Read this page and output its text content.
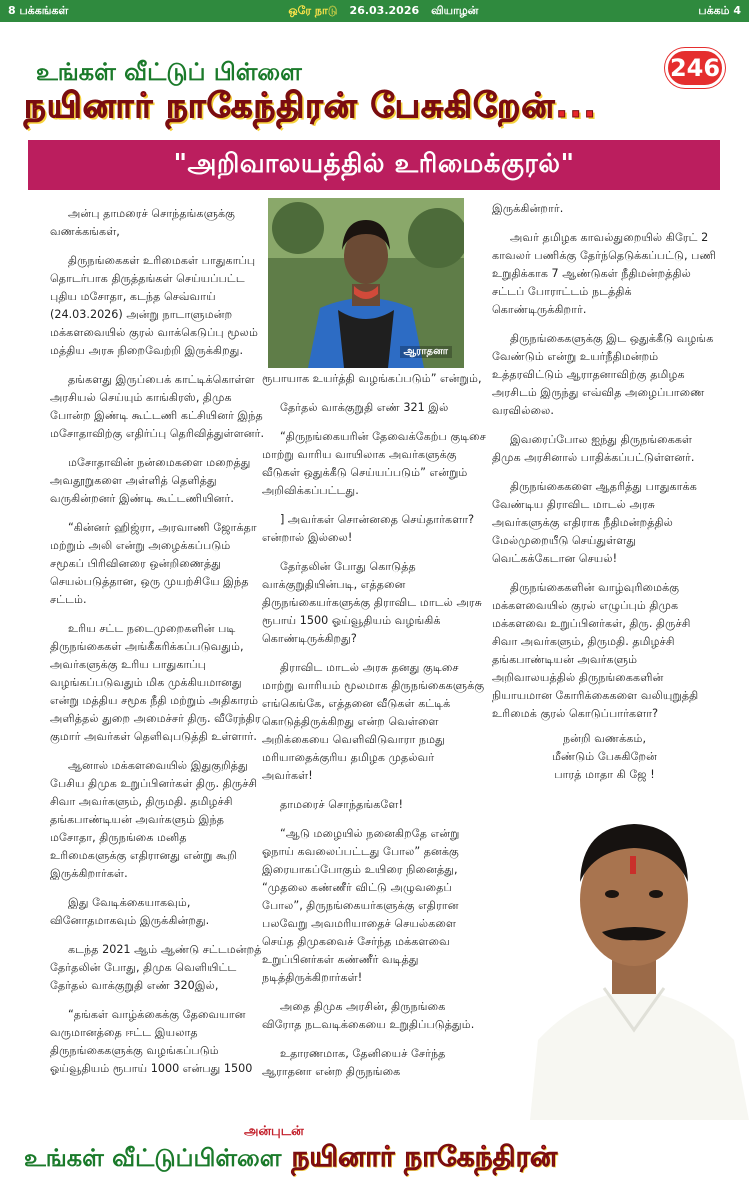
8 பக்கங்கள்	ஒரே நாடு 26.03.2026 வியாழன்	பக்கம் 4
உங்கள் வீட்டுப் பிள்ளை	246
நயினார் நாகேந்திரன் பேசுகிறேன்...
"அறிவாலயத்தில் உரிமைக்குரல்"

அன்பு தாமரைச் சொந்தங்களுக்கு வணக்கங்கள்,

திருநங்கைகள் உரிமைகள் பாதுகாப்பு தொடர்பாக திருத்தங்கள் செய்யப்பட்ட புதிய மசோதா, கடந்த செவ்வாய் (24.03.2026) அன்று நாடாளுமன்ற மக்களவையில் குரல் வாக்கெடுப்பு மூலம் மத்திய அரசு நிறைவேற்றி இருக்கிறது.

தங்களது இருப்பைக் காட்டிக்கொள்ள அரசியல் செய்யும் காங்கிரஸ், திமுக போன்ற இண்டி கூட்டணி கட்சியினர் இந்த மசோதாவிற்கு எதிர்ப்பு தெரிவித்துள்ளனர்.

மசோதாவின் நன்மைகளை மறைத்து அவதூறுகளை அள்ளித் தெளித்து வருகின்றனர் இண்டி கூட்டணியினர்.

“கின்னர் ஹிஜ்ரா, அரவாணி ஜோக்தா மற்றும் அலி என்று அழைக்கப்படும் சமூகப் பிரிவினரை ஒன்றிணைத்து செயல்படுத்தான, ஒரு முயற்சியே இந்த சட்டம்.

உரிய சட்ட நடைமுறைகளின் படி திருநங்கைகள் அங்கீகரிக்கப்படுவதும், அவர்களுக்கு உரிய பாதுகாப்பு வழங்கப்படுவதும் மிக முக்கியமானது என்று மத்திய சமூக நீதி மற்றும் அதிகாரம் அளித்தல் துறை அமைச்சர் திரு. வீரேந்திர குமார் அவர்கள் தெளிவுபடுத்தி உள்ளார்.

ஆனால் மக்களவையில் இதுகுறித்து பேசிய திமுக உறுப்பினர்கள் திரு. திருச்சி சிவா அவர்களும், திருமதி. தமிழச்சி தங்கபாண்டியன் அவர்களும் இந்த மசோதா, திருநங்கை மனித உரிமைகளுக்கு எதிரானது என்று கூறி இருக்கிறார்கள்.

இது வேடிக்கையாகவும், வினோதமாகவும் இருக்கின்றது.

கடந்த 2021 ஆம் ஆண்டு சட்டமன்றத் தேர்தலின் போது, திமுக வெளியிட்ட தேர்தல் வாக்குறுதி எண் 320இல்,

“தங்கள் வாழ்க்கைக்கு தேவையான வருமானத்தை ஈட்ட இயலாத திருநங்கைகளுக்கு வழங்கப்படும் ஓய்வூதியம் ரூபாய் 1000 என்பது 1500

ஆராதனா

ரூபாயாக உயர்த்தி வழங்கப்படும்” என்றும்,

தேர்தல் வாக்குறுதி எண் 321 இல்

“திருநங்கையரின் தேவைக்கேற்ப குடிசை மாற்று வாரிய வாயிலாக அவர்களுக்கு வீடுகள் ஒதுக்கீடு செய்யப்படும்” என்றும் அறிவிக்கப்பட்டது.

] அவர்கள் சொன்னதை செய்தார்களா? என்றால் இல்லை!

தேர்தலின் போது கொடுத்த வாக்குறுதியின்படி, எத்தனை திருநங்கையர்களுக்கு திராவிட மாடல் அரசு ரூபாய் 1500 ஓய்வூதியம் வழங்கிக் கொண்டிருக்கிறது?

திராவிட மாடல் அரசு தனது குடிசை மாற்று வாரியம் மூலமாக திருநங்கைகளுக்கு எங்கெங்கே, எத்தனை வீடுகள் கட்டிக் கொடுத்திருக்கிறது என்ற வெள்ளை அறிக்கையை வெளிவிடுவாரா நமது மரியாதைக்குரிய தமிழக முதல்வர் அவர்கள்!

தாமரைச் சொந்தங்களே!

“ஆடு மழையில் நனைகிறதே என்று ஓநாய் கவலைப்பட்டது போல” தனக்கு இரையாகப்போகும் உயிரை நினைத்து, “முதலை கண்ணீர் விட்டு அழுவதைப் போல”, திருநங்கையர்களுக்கு எதிரான பலவேறு அவமரியாதைச் செயல்களை செய்த திமுகவைச் சேர்ந்த மக்களவை உறுப்பினர்கள் கண்ணீர் வடித்து நடித்திருக்கிறார்கள்!

அதை திமுக அரசின், திருநங்கை விரோத நடவடிக்கையை உறுதிப்படுத்தும்.

உதாரணமாக, தேனியைச் சேர்ந்த ஆராதனா என்ற திருநங்கை

இருக்கின்றார்.

அவர் தமிழக காவல்துறையில் கிரேட் 2 காவலர் பணிக்கு தேர்ந்தெடுக்கப்பட்டு, பணி உறுதிக்காக 7 ஆண்டுகள் நீதிமன்றத்தில் சட்டப் போராட்டம் நடத்திக் கொண்டிருக்கிறார்.

திருநங்கைகளுக்கு இட ஒதுக்கீடு வழங்க வேண்டும் என்று உயர்நீதிமன்றம் உத்தரவிட்டும் ஆராதனாவிற்கு தமிழக அரசிடம் இருந்து எவ்வித அழைப்பாணை வரவில்லை.

இவரைப்போல ஐந்து திருநங்கைகள் திமுக அரசினால் பாதிக்கப்பட்டுள்ளனர்.

திருநங்கைகளை ஆதரித்து பாதுகாக்க வேண்டிய திராவிட மாடல் அரசு அவர்களுக்கு எதிராக நீதிமன்றத்தில் மேல்முறையீடு செய்துள்ளது வெட்கக்கேடான செயல்!

திருநங்கைகளின் வாழ்வுரிமைக்கு மக்களவையில் குரல் எழுப்பும் திமுக மக்களவை உறுப்பினர்கள், திரு. திருச்சி சிவா அவர்களும், திருமதி. தமிழச்சி தங்கபாண்டியன் அவர்களும் அறிவாலயத்தில் திருநங்கைகளின் நியாயமான கோரிக்கைகளை வலியுறுத்தி உரிமைக் குரல் கொடுப்பார்களா?

நன்றி வணக்கம்,
மீண்டும் பேசுகிறேன்
பாரத் மாதா கி ஜே !
அன்புடன்
உங்கள் வீட்டுப்பிள்ளை நயினார் நாகேந்திரன்
